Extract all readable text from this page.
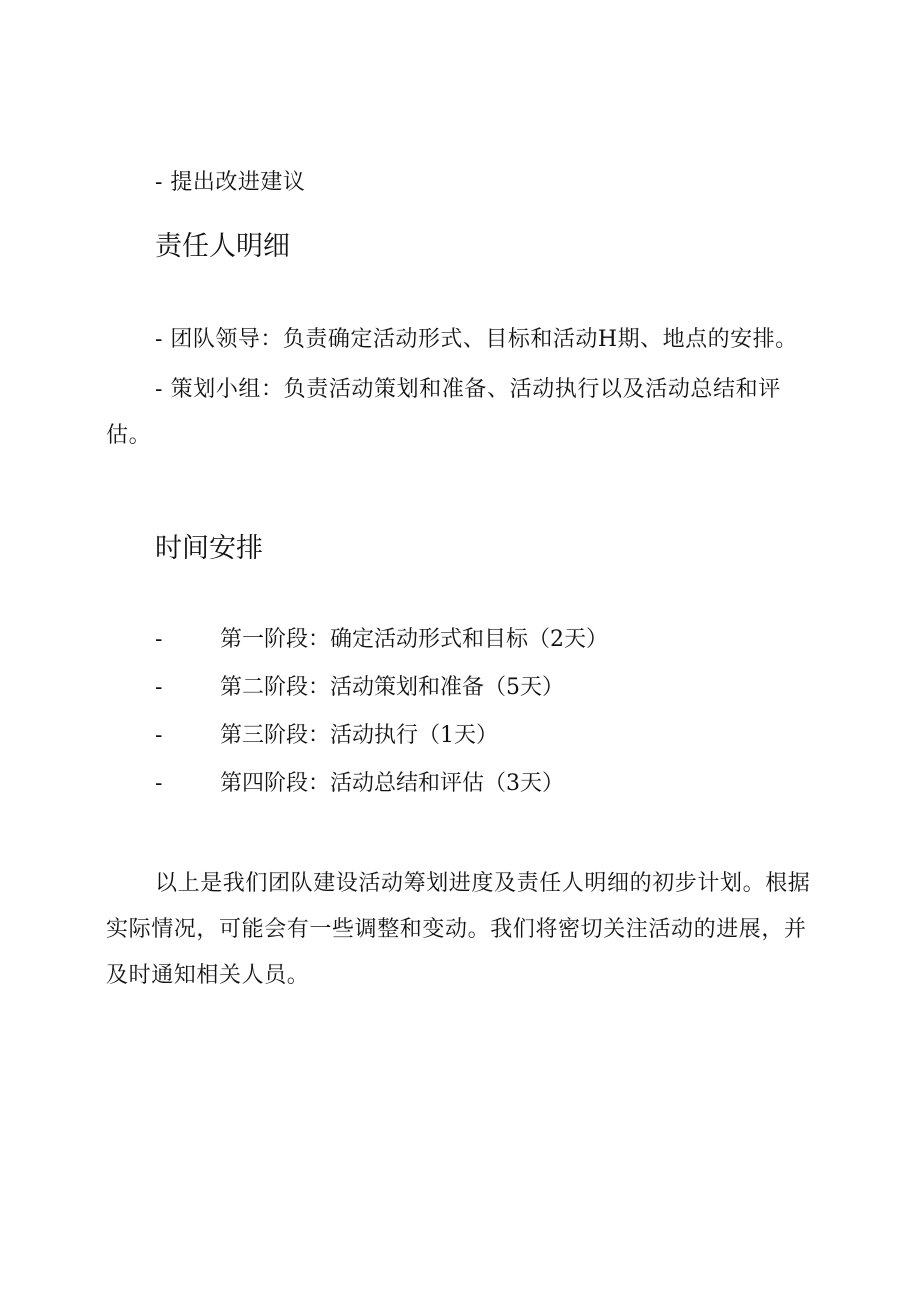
- 提出改进建议
责任人明细
- 团队领导：负责确定活动形式、目标和活动H期、地点的安排。
- 策划小组：负责活动策划和准备、活动执行以及活动总结和评估。
时间安排
-	第一阶段：确定活动形式和目标（2天）
-	第二阶段：活动策划和准备（5天）
-	第三阶段：活动执行（1天）
-	第四阶段：活动总结和评估（3天）
以上是我们团队建设活动筹划进度及责任人明细的初步计划。根据实际情况，可能会有一些调整和变动。我们将密切关注活动的进展，并及时通知相关人员。
